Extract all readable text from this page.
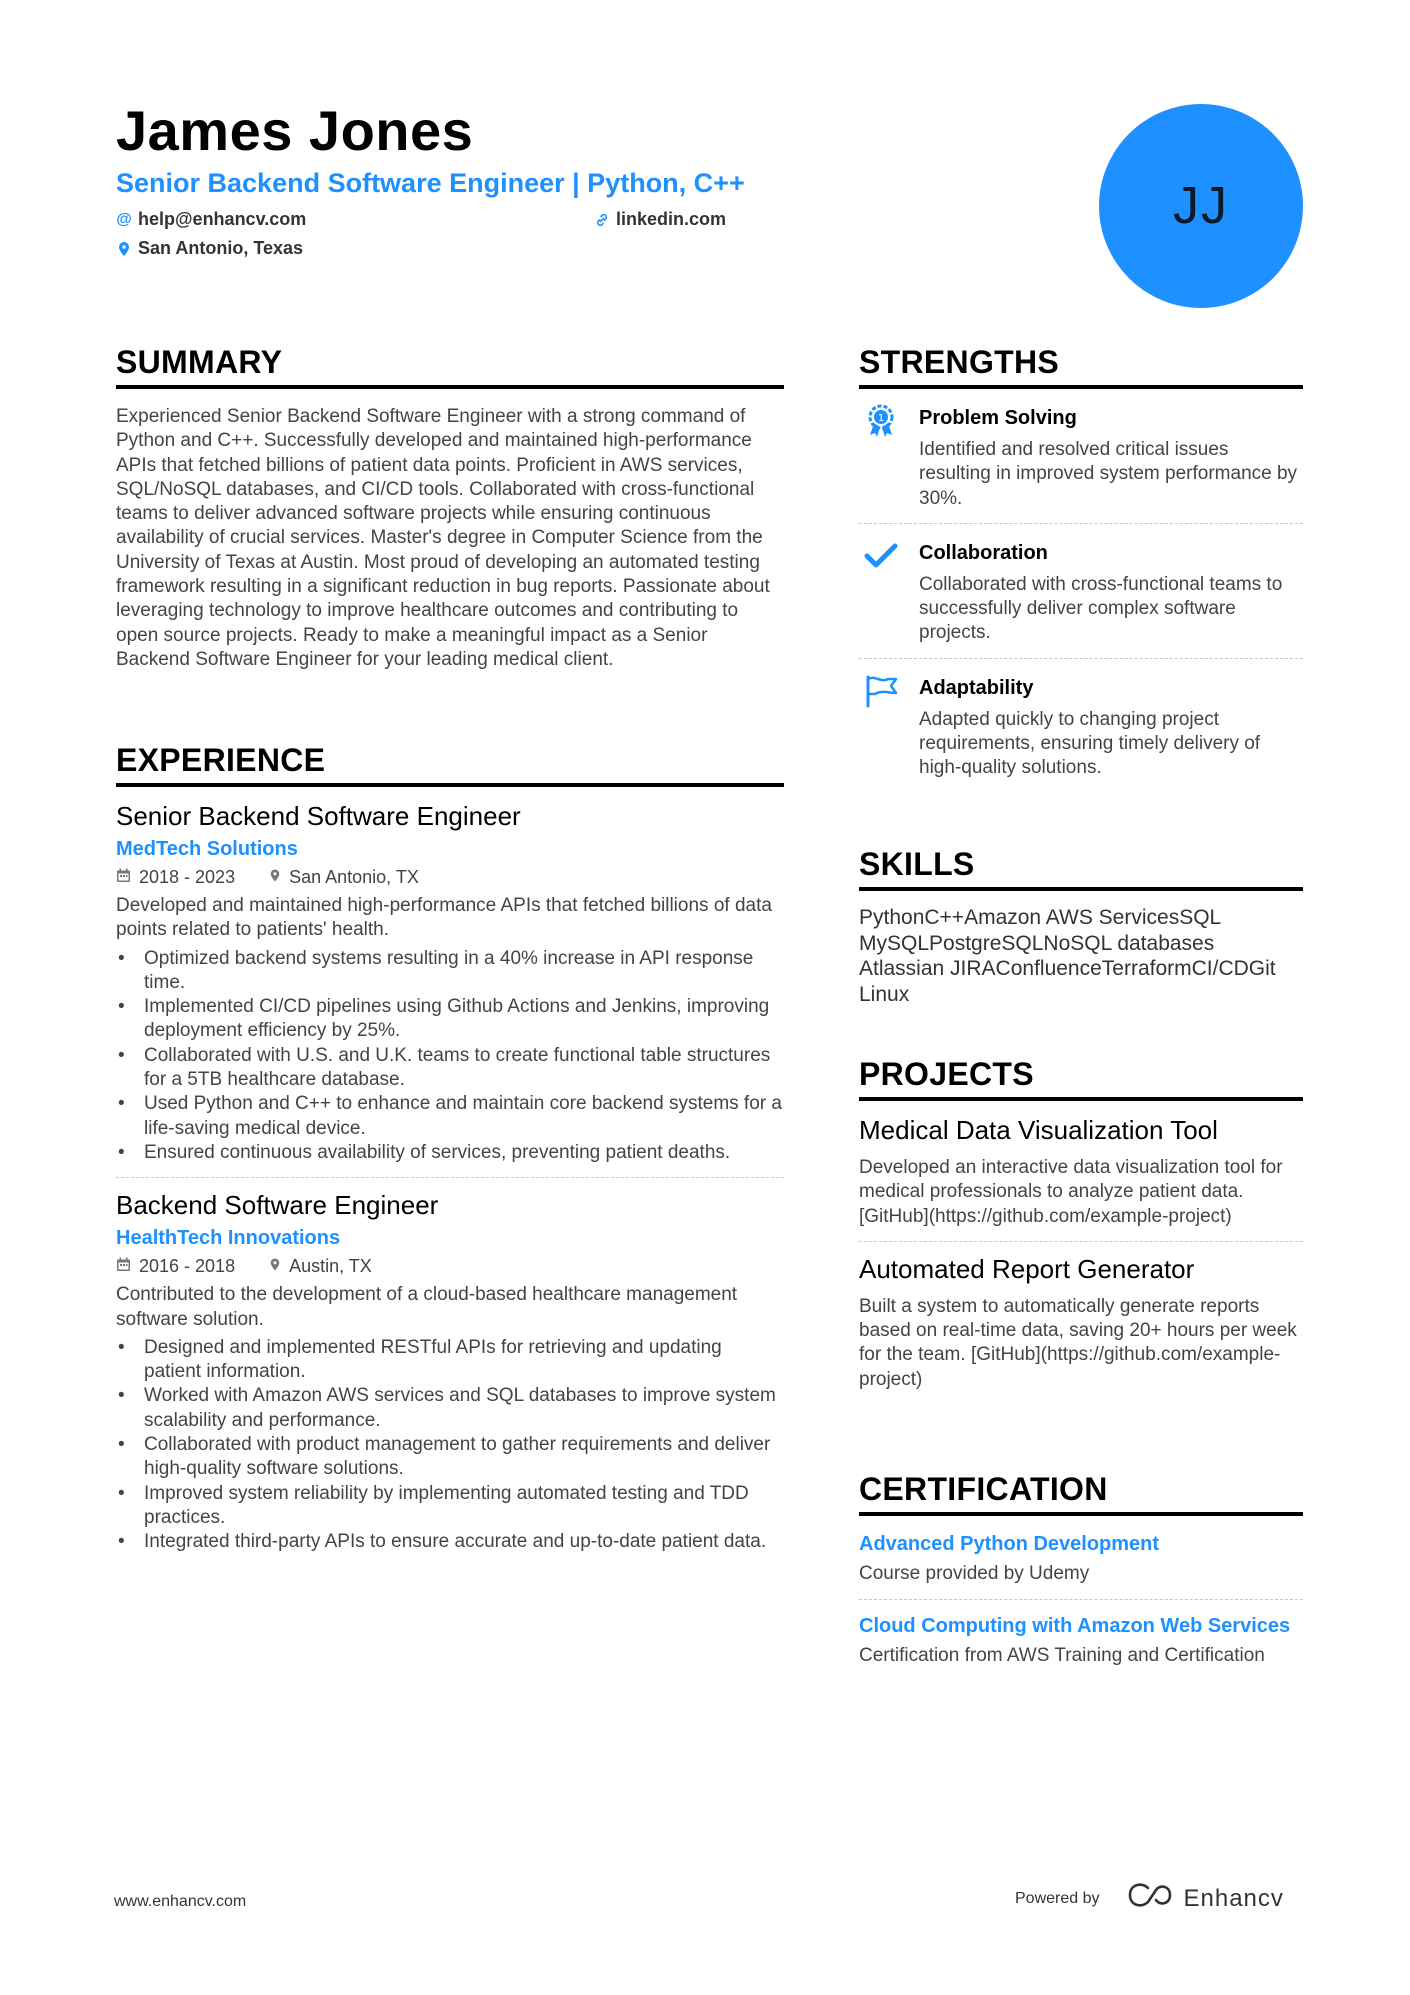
James Jones
Senior Backend Software Engineer | Python, C++
@ help@enhancv.com	linkedin.com
San Antonio, Texas
JJ
SUMMARY
Experienced Senior Backend Software Engineer with a strong command of Python and C++. Successfully developed and maintained high-performance APIs that fetched billions of patient data points. Proficient in AWS services, SQL/NoSQL databases, and CI/CD tools. Collaborated with cross-functional teams to deliver advanced software projects while ensuring continuous availability of crucial services. Master's degree in Computer Science from the University of Texas at Austin. Most proud of developing an automated testing framework resulting in a significant reduction in bug reports. Passionate about leveraging technology to improve healthcare outcomes and contributing to open source projects. Ready to make a meaningful impact as a Senior Backend Software Engineer for your leading medical client.
EXPERIENCE
Senior Backend Software Engineer
MedTech Solutions
2018 - 2023	San Antonio, TX
Developed and maintained high-performance APIs that fetched billions of data points related to patients' health.
• Optimized backend systems resulting in a 40% increase in API response time.
• Implemented CI/CD pipelines using Github Actions and Jenkins, improving deployment efficiency by 25%.
• Collaborated with U.S. and U.K. teams to create functional table structures for a 5TB healthcare database.
• Used Python and C++ to enhance and maintain core backend systems for a life-saving medical device.
• Ensured continuous availability of services, preventing patient deaths.
Backend Software Engineer
HealthTech Innovations
2016 - 2018	Austin, TX
Contributed to the development of a cloud-based healthcare management software solution.
• Designed and implemented RESTful APIs for retrieving and updating patient information.
• Worked with Amazon AWS services and SQL databases to improve system scalability and performance.
• Collaborated with product management to gather requirements and deliver high-quality software solutions.
• Improved system reliability by implementing automated testing and TDD practices.
• Integrated third-party APIs to ensure accurate and up-to-date patient data.
STRENGTHS
1 Problem Solving
Identified and resolved critical issues resulting in improved system performance by 30%.
Collaboration
Collaborated with cross-functional teams to successfully deliver complex software projects.
Adaptability
Adapted quickly to changing project requirements, ensuring timely delivery of high-quality solutions.
SKILLS
PythonC++Amazon AWS ServicesSQL
MySQLPostgreSQLNoSQL databases
Atlassian JIRAConfluenceTerraformCI/CDGit
Linux
PROJECTS
Medical Data Visualization Tool
Developed an interactive data visualization tool for medical professionals to analyze patient data. [GitHub](https://github.com/example-project)
Automated Report Generator
Built a system to automatically generate reports based on real-time data, saving 20+ hours per week for the team. [GitHub](https://github.com/example-project)
CERTIFICATION
Advanced Python Development
Course provided by Udemy
Cloud Computing with Amazon Web Services
Certification from AWS Training and Certification
www.enhancv.com	Powered by	Enhancv
